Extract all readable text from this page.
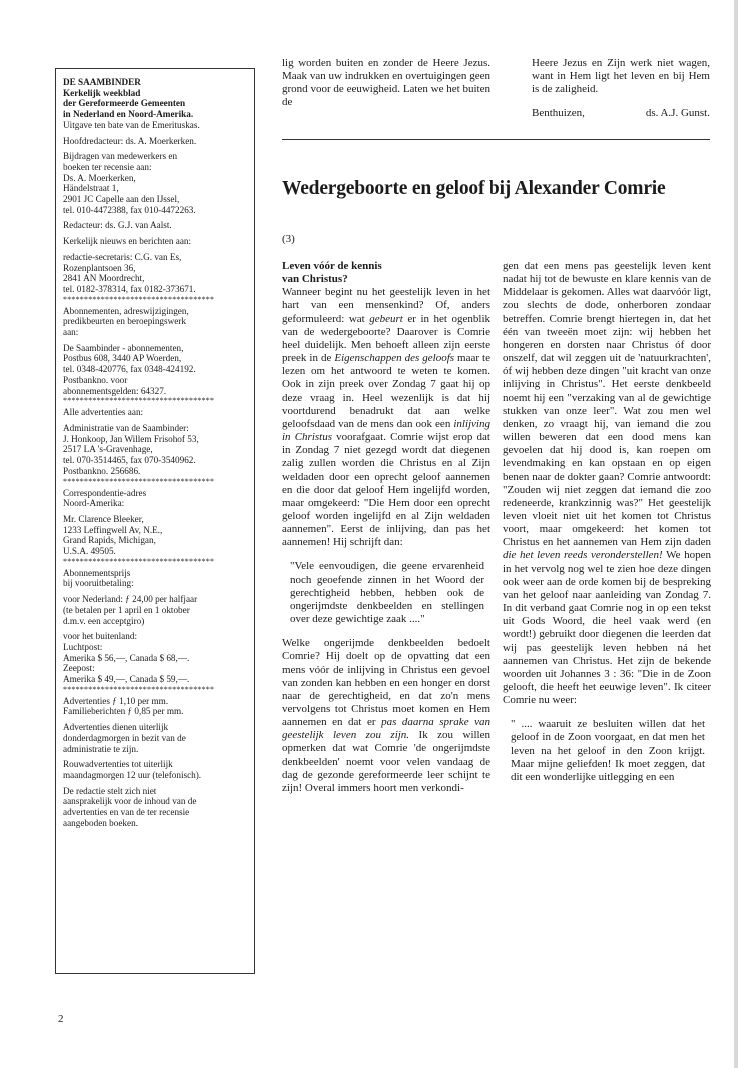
DE SAAMBINDER
Kerkelijk weekblad
der Gereformeerde Gemeenten
in Nederland en Noord-Amerika.
Uitgave ten bate van de Emerituskas.
Hoofdredacteur: ds. A. Moerkerken.
Bijdragen van medewerkers en
boeken ter recensie aan:
Ds. A. Moerkerken,
Händelstraat 1,
2901 JC Capelle aan den IJssel,
tel. 010-4472388, fax 010-4472263.
Redacteur: ds. G.J. van Aalst.
Kerkelijk nieuws en berichten aan:
redactie-secretaris: C.G. van Es,
Rozenplantsoen 36,
2841 AN Moordrecht,
tel. 0182-378314, fax 0182-373671.
************************************
Abonnementen, adreswijzigingen,
predikbeurten en beroepingswerk
aan:
De Saambinder - abonnementen,
Postbus 608, 3440 AP Woerden,
tel. 0348-420776, fax 0348-424192.
Postbankno. voor
abonnementsgelden: 64327.
************************************
Alle advertenties aan:
Administratie van de Saambinder:
J. Honkoop, Jan Willem Frisohof 53,
2517 LA 's-Gravenhage,
tel. 070-3514465, fax 070-3540962.
Postbankno. 256686.
************************************
Correspondentie-adres
Noord-Amerika:
Mr. Clarence Bleeker,
1233 Leffingwell Av, N.E.,
Grand Rapids, Michigan,
U.S.A. 49505.
************************************
Abonnementsprijs
bij vooruitbetaling:
voor Nederland: ƒ 24,00 per halfjaar
(te betalen per 1 april en 1 oktober
d.m.v. een acceptgiro)
voor het buitenland:
Luchtpost:
Amerika $ 56,—, Canada $ 68,—.
Zeepost:
Amerika $ 49,—, Canada $ 59,—.
************************************
Advertenties ƒ 1,10 per mm.
Familieberichten ƒ 0,85 per mm.
Advertenties dienen uiterlijk
donderdagmorgen in bezit van de
administratie te zijn.
Rouwadvertenties tot uiterlijk
maandagmorgen 12 uur (telefonisch).
De redactie stelt zich niet
aansprakelijk voor de inhoud van de
advertenties en van de ter recensie
aangeboden boeken.
lig worden buiten en zonder de Heere Jezus. Maak van uw indrukken en overtuigingen geen grond voor de eeuwigheid. Laten we het buiten de
Heere Jezus en Zijn werk niet wagen, want in Hem ligt het leven en bij Hem is de zaligheid.
Benthuizen,	ds. A.J. Gunst.
Wedergeboorte en geloof bij Alexander Comrie
(3)
Leven vóór de kennis
van Christus?

Wanneer begint nu het geestelijk leven in het hart van een mensenkind? Of, anders geformuleerd: wat gebeurt er in het ogenblik van de wedergeboorte? Daarover is Comrie heel duidelijk. Men behoeft alleen zijn eerste preek in de Eigenschappen des geloofs maar te lezen om het antwoord te weten te komen. Ook in zijn preek over Zondag 7 gaat hij op deze vraag in. Heel wezenlijk is dat hij voortdurend benadrukt dat aan welke geloofsdaad van de mens dan ook een inlijving in Christus voorafgaat. Comrie wijst erop dat in Zondag 7 niet gezegd wordt dat diegenen zalig zullen worden die Christus en al Zijn weldaden door een oprecht geloof aannemen en die door dat geloof Hem ingelijfd worden, maar omgekeerd: "Die Hem door een oprecht geloof worden ingelijfd en al Zijn weldaden aannemen". Eerst de inlijving, dan pas het aannemen! Hij schrijft dan:

"Vele eenvoudigen, die geene ervarenheid noch geoefende zinnen in het Woord der gerechtigheid hebben, hebben ook de ongerijmdste denkbeelden en stellingen over deze gewichtige zaak ...."

Welke ongerijmde denkbeelden bedoelt Comrie? Hij doelt op de opvatting dat een mens vóór de inlijving in Christus een gevoel van zonden kan hebben en een honger en dorst naar de gerechtigheid, en dat zo'n mens vervolgens tot Christus moet komen en Hem aannemen en dat er pas daarna sprake van geestelijk leven zou zijn. Ik zou willen opmerken dat wat Comrie 'de ongerijmdste denkbeelden' noemt voor velen vandaag de dag de gezonde gereformeerde leer schijnt te zijn! Overal immers hoort men verkondi-

gen dat een mens pas geestelijk leven kent nadat hij tot de bewuste en klare kennis van de Middelaar is gekomen. Alles wat daarvóór ligt, zou slechts de dode, onherboren zondaar betreffen. Comrie brengt hiertegen in, dat het één van tweeën moet zijn: wij hebben het hongeren en dorsten naar Christus óf door onszelf, dat wil zeggen uit de 'natuurkrachten', óf wij hebben deze dingen "uit kracht van onze inlijving in Christus". Het eerste denkbeeld noemt hij een "verzaking van al de gewichtige stukken van onze leer". Wat zou men wel denken, zo vraagt hij, van iemand die zou willen beweren dat een dood mens kan gevoelen dat hij dood is, kan roepen om levendmaking en kan opstaan en op eigen benen naar de dokter gaan? Comrie antwoordt: "Zouden wij niet zeggen dat iemand die zoo redeneerde, krankzinnig was?" Het geestelijk leven vloeit niet uit het komen tot Christus voort, maar omgekeerd: het komen tot Christus en het aannemen van Hem zijn daden die het leven reeds veronderstellen! We hopen in het vervolg nog wel te zien hoe deze dingen ook weer aan de orde komen bij de bespreking van het geloof naar aanleiding van Zondag 7. In dit verband gaat Comrie nog in op een tekst uit Gods Woord, die heel vaak werd (en wordt!) gebruikt door diegenen die leerden dat wij pas geestelijk leven hebben ná het aannemen van Christus. Het zijn de bekende woorden uit Johannes 3 : 36: "Die in de Zoon gelooft, die heeft het eeuwige leven". Ik citeer Comrie nu weer:

" .... waaruit ze besluiten willen dat het geloof in de Zoon voorgaat, en dat men het leven na het geloof in den Zoon krijgt. Maar mijne geliefden! Ik moet zeggen, dat dit een wonderlijke uitlegging en een

2
